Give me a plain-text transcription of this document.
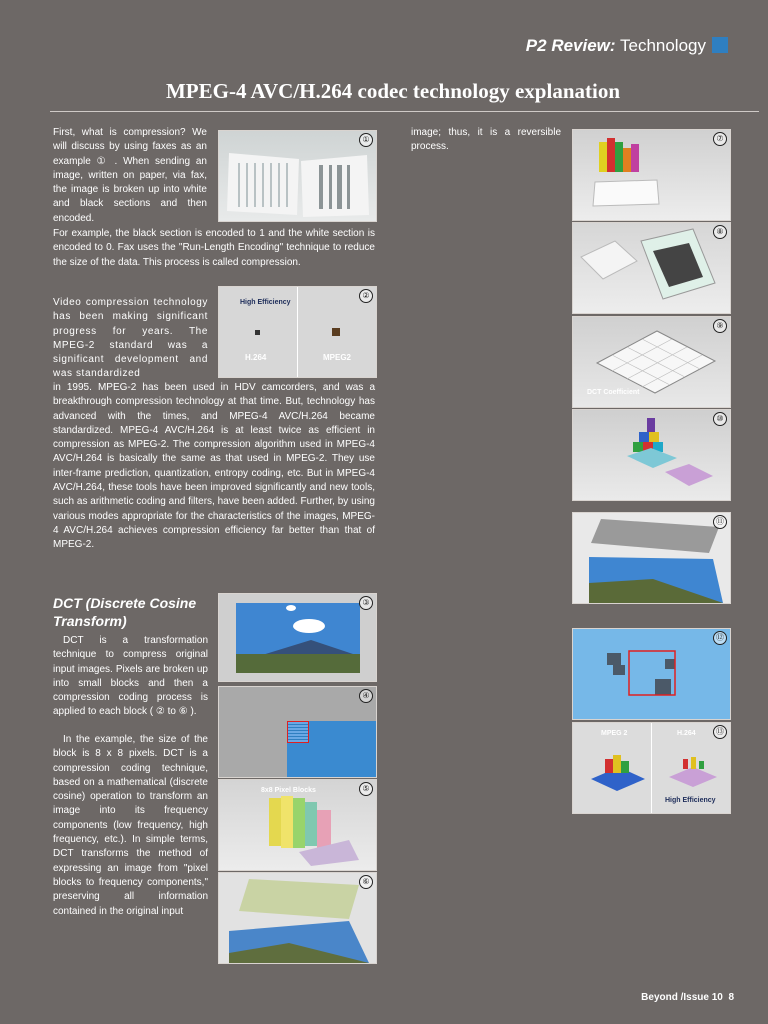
P2 Review: Technology
MPEG-4 AVC/H.264 codec technology explanation

First, what is compression? We will discuss by using faxes as an example ① . When sending an image, written on paper, via fax, the image is broken up into white and black sections and then encoded.

For example, the black section is encoded to 1 and the white section is encoded to 0. Fax uses the "Run-Length Encoding" technique to reduce the size of the data. This process is called compression.

Video compression technology has been making significant progress for years. The MPEG-2 standard was a significant development and was standardized

in 1995. MPEG-2 has been used in HDV camcorders, and was a breakthrough compression technology at that time. But, technology has advanced with the times, and MPEG-4 AVC/H.264 became standardized. MPEG-4 AVC/H.264 is at least twice as efficient in compression as MPEG-2. The compression algorithm used in MPEG-4 AVC/H.264 is basically the same as that used in MPEG-2. They use inter-frame prediction, quantization, entropy coding, etc. But in MPEG-4 AVC/H.264, these tools have been improved significantly and new tools, such as arithmetic coding and filters, have been added. Further, by using various modes appropriate for the characteristics of the images, MPEG-4 AVC/H.264 achieves compression efficiency far better than that of MPEG-2.

image; thus, it is a reversible process.

DCT (Discrete Cosine Transform)

DCT is a transformation technique to compress original input images. Pixels are broken up into small blocks and then a compression coding process is applied to each block ( ② to ⑥ ).

In the example, the size of the block is 8 x 8 pixels. DCT is a compression coding technique, based on a mathematical (discrete cosine) operation to transform an image into its frequency components (low frequency, high frequency, etc.). In simple terms, DCT transforms the method of expressing an image from "pixel blocks to frequency components," preserving all information contained in the original input

①
High Efficiency
H.264	MPEG2
②
③
④
8x8 Pixel Blocks	⑤
⑥
⑦
⑧
DCT Coefficient
⑨
⑩
⑪
⑫
MPEG 2	H.264
High Efficiency
⑬
Beyond /Issue 10 8
